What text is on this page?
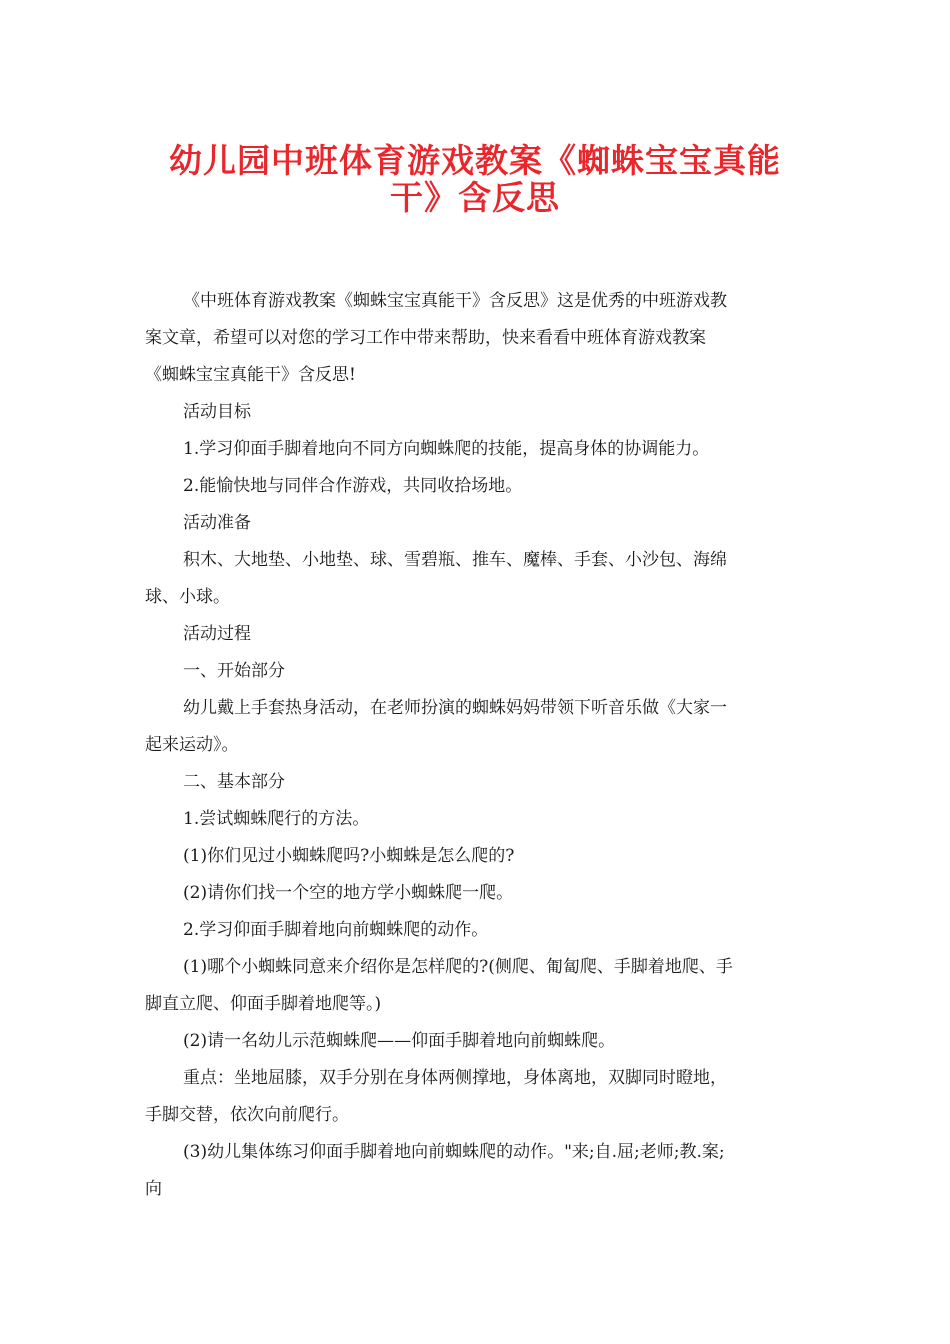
幼儿园中班体育游戏教案《蜘蛛宝宝真能
干》含反思
《中班体育游戏教案《蜘蛛宝宝真能干》含反思》这是优秀的中班游戏教
案文章，希望可以对您的学习工作中带来帮助，快来看看中班体育游戏教案
《蜘蛛宝宝真能干》含反思!
活动目标
1.学习仰面手脚着地向不同方向蜘蛛爬的技能，提高身体的协调能力。
2.能愉快地与同伴合作游戏，共同收拾场地。
活动准备
积木、大地垫、小地垫、球、雪碧瓶、推车、魔棒、手套、小沙包、海绵
球、小球。
活动过程
一、开始部分
幼儿戴上手套热身活动，在老师扮演的蜘蛛妈妈带领下听音乐做《大家一
起来运动》。
二、基本部分
1.尝试蜘蛛爬行的方法。
(1)你们见过小蜘蛛爬吗?小蜘蛛是怎么爬的?
(2)请你们找一个空的地方学小蜘蛛爬一爬。
2.学习仰面手脚着地向前蜘蛛爬的动作。
(1)哪个小蜘蛛同意来介绍你是怎样爬的?(侧爬、匍匐爬、手脚着地爬、手
脚直立爬、仰面手脚着地爬等。)
(2)请一名幼儿示范蜘蛛爬——仰面手脚着地向前蜘蛛爬。
重点：坐地屈膝，双手分别在身体两侧撑地，身体离地，双脚同时瞪地，
手脚交替，依次向前爬行。
(3)幼儿集体练习仰面手脚着地向前蜘蛛爬的动作。"来;自.屈;老师;教.案;
向
